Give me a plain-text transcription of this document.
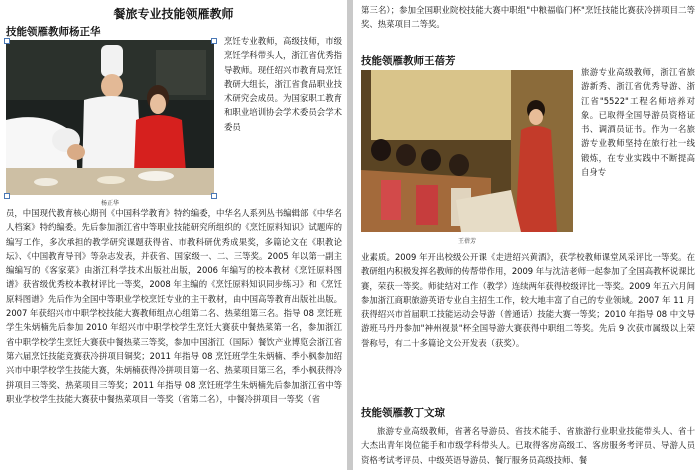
餐旅专业技能领雁教师
技能领雁教师杨正华
杨正华

烹饪专业教师，高级技师，市级烹饪学科带头人，浙江省优秀指导教师。现任绍兴市教育局烹饪教研大组长，浙江省食品职业技术研究会成员。为国家职工教育和职业培训协会学术委员会学术委员

员，中国现代教育核心期刊《中国科学教育》特约编委，中华名人系列丛书编辑部《中华名人档案》特约编委。先后参加浙江省中等职业技能研究所组织的《烹饪原料知识》试题库的编写工作，多次承担的教学研究课题获得省、市教科研优秀成果奖，多篇论文在《职教论坛》、《中国教育导刊》等杂志发表，并获省、国家级一、二、三等奖。2005 年以第一副主编编写的《客家菜》由浙江科学技术出版社出版，2006 年编写的校本教材《烹饪原料图谱》获省级优秀校本教材评比一等奖，2008 年主编的《烹饪原料知识同步练习》和《烹饪原料图谱》先后作为全国中等职业学校烹饪专业的主干教材，由中国高等教育出版社出版。2007 年获绍兴市中职学校技能大赛教师组点心组第二名、热菜组第三名。指导 08 烹饪班学生朱炳楠先后参加 2010 年绍兴市中职学校学生烹饪大赛获中餐热菜第一名，参加浙江省中职学校学生烹饪大赛获中餐热菜三等奖，参加中国浙江（国际）餐饮产业博览会浙江省第六届烹饪技能竞赛获冷拼项目铜奖；2011 年指导 08 烹饪班学生朱炳楠、季小枫参加绍兴市中职学校学生技能大赛，朱炳楠获得冷拼项目第一名、热菜项目第三名，季小枫获得冷拼项目三等奖、热菜项目三等奖；2011 年指导 08 烹饪班学生朱炳楠先后参加浙江省中等职业学校学生技能大赛获中餐热菜项目一等奖（省第二名），中餐冷拼项目一等奖（省

第三名）；参加全国职业院校技能大赛中职组"中粮福临门杯"烹饪技能比赛获冷拼项目二等奖、热菜项目二等奖。

技能领雁教师王蓓芳
王蓓芳

旅游专业高级教师，浙江省旅游新秀、浙江省优秀导游、浙江省"5522"工程名师培养对象。已取得全国导游员资格证书、调酒员证书。作为一名旅游专业教师坚持在旅行社一线锻炼，在专业实践中不断提高自身专

业素质。2009 年开出校级公开课《走进绍兴黄酒》，获学校教师课堂风采评比一等奖。在教研组内积极发挥名教师的传帮带作用，2009 年与沈洁老师一起参加了全国高教杯说课比赛，荣获一等奖。师徒结对工作（教学）连续两年获得校级评比一等奖。2009 年五六月间参加浙江商职旅游英语专业自主招生工作，较大地丰富了自己的专业领域。2007 年 11 月获得绍兴市首届职工技能运动会导游（普通话）技能大赛一等奖；2010 年指导 08 中文导游班马丹丹参加"神州视景"杯全国导游大赛获得中职组二等奖。先后 9 次获市属级以上荣誉称号，有二十多篇论文公开发表（获奖）。

技能领雁教丁文琼

旅游专业高级教师，省著名导游员、省技术能手、省旅游行业职业技能带头人、省十大杰出青年岗位能手和市级学科带头人。已取得客房高级工、客房服务考评员、导游人员资格考试考评员、中级英语导游员、餐厅服务员高级技师、餐
